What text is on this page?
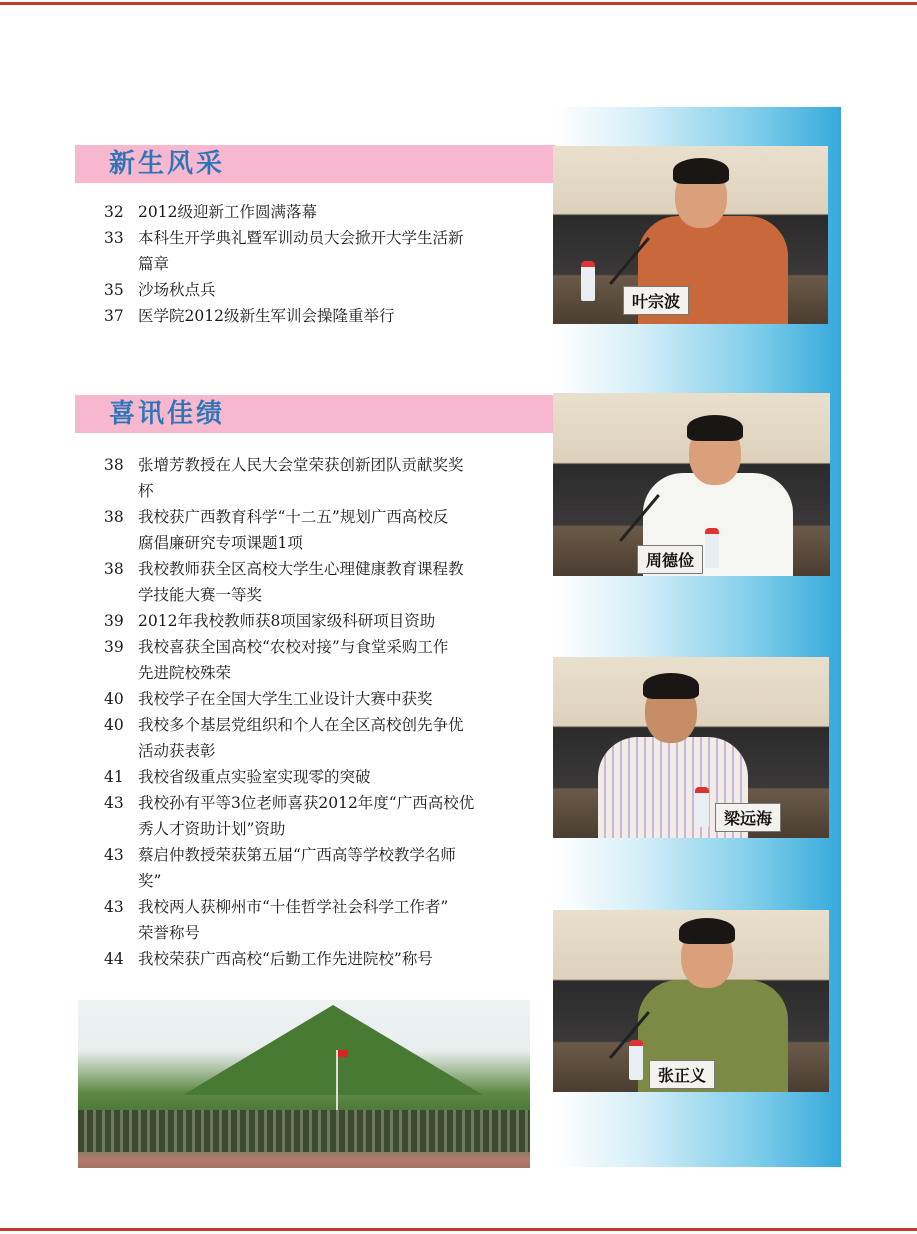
新生风采
32 2012级迎新工作圆满落幕
33 本科生开学典礼暨军训动员大会掀开大学生活新
篇章
35 沙场秋点兵
37 医学院2012级新生军训会操隆重举行
喜讯佳绩
38 张增芳教授在人民大会堂荣获创新团队贡献奖奖
杯
38 我校获广西教育科学“十二五”规划广西高校反
腐倡廉研究专项课题1项
38 我校教师获全区高校大学生心理健康教育课程教
学技能大赛一等奖
39 2012年我校教师获8项国家级科研项目资助
39 我校喜获全国高校“农校对接”与食堂采购工作
先进院校殊荣
40 我校学子在全国大学生工业设计大赛中获奖
40 我校多个基层党组织和个人在全区高校创先争优
活动获表彰
41 我校省级重点实验室实现零的突破
43 我校孙有平等3位老师喜获2012年度“广西高校优
秀人才资助计划”资助
43 蔡启仲教授荣获第五届“广西高等学校教学名师
奖”
43 我校两人获柳州市“十佳哲学社会科学工作者”
荣誉称号
44 我校荣获广西高校“后勤工作先进院校”称号
叶宗波
周德俭
梁远海
张正义
